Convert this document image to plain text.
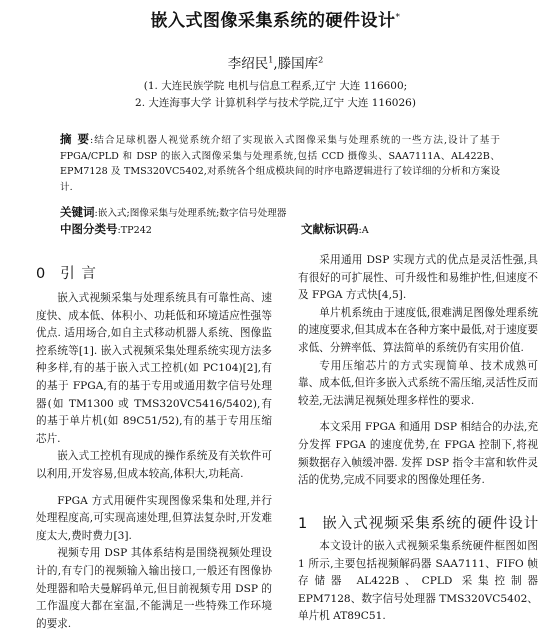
嵌入式图像采集系统的硬件设计*
李绍民$^1$,滕国库$^2$
(1. 大连民族学院 电机与信息工程系,辽宁 大连 116600;
2. 大连海事大学 计算机科学与技术学院,辽宁 大连 116026)
摘 要:结合足球机器人视觉系统介绍了实现嵌入式图像采集与处理系统的一些方法,设计了基于 FPGA/CPLD 和 DSP 的嵌入式图像采集与处理系统,包括 CCD 摄像头、SAA7111A、AL422B、EPM7128 及 TMS320VC5402,对系统各个组成模块间的时序电路逻辑进行了较详细的分析和方案设计.
关键词:嵌入式;图像采集与处理系统;数字信号处理器
中图分类号:TP242	文献标识码:A
0 引 言

嵌入式视频采集与处理系统具有可靠性高、速度快、成本低、体积小、功耗低和环境适应性强等优点. 适用场合,如自主式移动机器人系统、图像监控系统等[1]. 嵌入式视频采集处理系统实现方法多种多样,有的基于嵌入式工控机(如 PC104)[2],有的基于 FPGA,有的基于专用或通用数字信号处理器(如 TM1300 或 TMS320VC5416/5402),有的基于单片机(如 89C51/52),有的基于专用压缩芯片.

嵌入式工控机有现成的操作系统及有关软件可以利用,开发容易,但成本较高,体积大,功耗高.

FPGA 方式用硬件实现图像采集和处理,并行处理程度高,可实现高速处理,但算法复杂时,开发难度太大,费时费力[3].

视频专用 DSP 其体系结构是围绕视频处理设计的,有专门的视频输入输出接口,一般还有图像协处理器和哈夫曼解码单元,但目前视频专用 DSP 的工作温度大都在室温,不能满足一些特殊工作环境的要求.

采用通用 DSP 实现方式的优点是灵活性强,具有很好的可扩展性、可升级性和易维护性,但速度不及 FPGA 方式快[4,5].

单片机系统由于速度低,很难满足图像处理系统的速度要求,但其成本在各种方案中最低,对于速度要求低、分辨率低、算法简单的系统仍有实用价值.

专用压缩芯片的方式实现简单、技术成熟可靠、成本低,但许多嵌入式系统不需压缩,灵活性反而较差,无法满足视频处理多样性的要求.

本文采用 FPGA 和通用 DSP 相结合的办法,充分发挥 FPGA 的速度优势,在 FPGA 控制下,将视频数据存入帧缓冲器. 发挥 DSP 指令丰富和软件灵活的优势,完成不同要求的图像处理任务.

1 嵌入式视频采集系统的硬件设计

本文设计的嵌入式视频采集系统硬件框图如图 1 所示,主要包括视频解码器 SAA7111、FIFO 帧存储器 AL422B、CPLD 采集控制器 EPM7128、数字信号处理器 TMS320VC5402、单片机 AT89C51.
